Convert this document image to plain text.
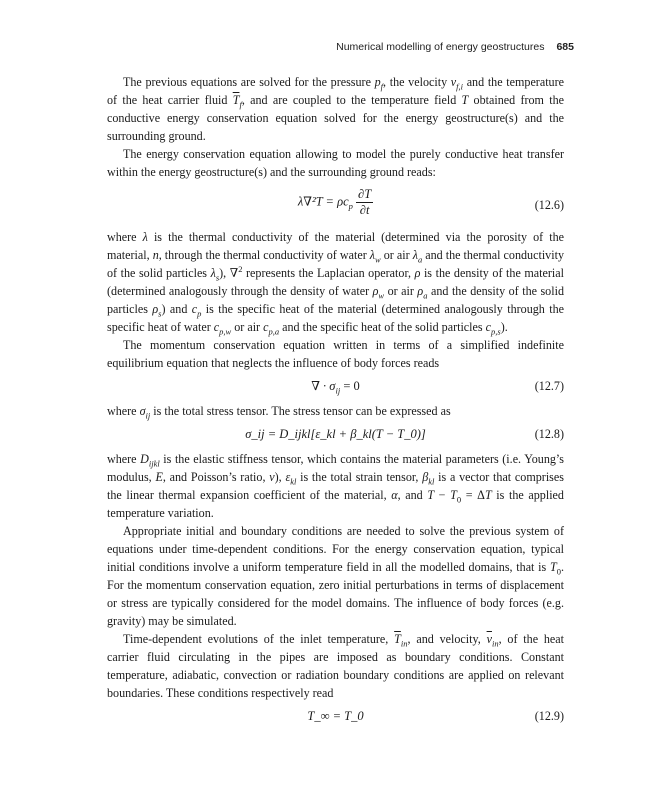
Numerical modelling of energy geostructures 685

The previous equations are solved for the pressure $p_f$, the velocity $v_{f,i}$ and the temperature of the heat carrier fluid $\overline{T}_f$, and are coupled to the temperature field T obtained from the conductive energy conservation equation solved for the energy geostructure(s) and the surrounding ground.

The energy conservation equation allowing to model the purely conductive heat transfer within the energy geostructure(s) and the surrounding ground reads:

$\lambda\nabla^2T = \rho c_p \frac{\partial T}{\partial t}$	(12.6)

where λ is the thermal conductivity of the material (determined via the porosity of the material, n, through the thermal conductivity of water $\lambda_w$ or air $\lambda_a$ and the thermal conductivity of the solid particles $\lambda_s$), ∇$^2$ represents the Laplacian operator, ρ is the density of the material (determined analogously through the density of water $\rho_w$ or air $\rho_a$ and the density of the solid particles $\rho_s$) and $c_p$ is the specific heat of the material (determined analogously through the specific heat of water $c_{p,w}$ or air $c_{p,a}$ and the specific heat of the solid particles $c_{p,s}$).

The momentum conservation equation written in terms of a simplified indefinite equilibrium equation that neglects the influence of body forces reads

∇ · $\sigma_{ij} = 0$	(12.7)

where $\sigma_{ij}$ is the total stress tensor. The stress tensor can be expressed as

σ_ij = D_ijkl[ε_kl + β_kl(T − T_0)]	(12.8)

where $D_{ijkl}$ is the elastic stiffness tensor, which contains the material parameters (i.e. Young’s modulus, E, and Poisson’s ratio, ν), $\varepsilon_{kl}$ is the total strain tensor, $\beta_{kl}$ is a vector that comprises the linear thermal expansion coefficient of the material, α, and $T - T_0 = \Delta T$ is the applied temperature variation.

Appropriate initial and boundary conditions are needed to solve the previous system of equations under time-dependent conditions. For the energy conservation equation, typical initial conditions involve a uniform temperature field in all the modelled domains, that is $T_0$. For the momentum conservation equation, zero initial perturbations in terms of displacement or stress are typically considered for the model domains. The influence of body forces (e.g. gravity) may be simulated.

Time-dependent evolutions of the inlet temperature, $\overline{T}_{in}$, and velocity, $\overline{v}_{in}$, of the heat carrier fluid circulating in the pipes are imposed as boundary conditions. Constant temperature, adiabatic, convection or radiation boundary conditions are applied on relevant boundaries. These conditions respectively read

T_∞ = T_0	(12.9)
